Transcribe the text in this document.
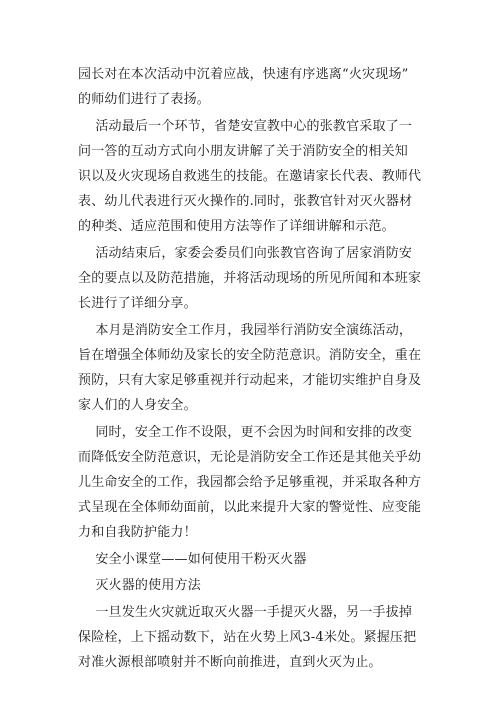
园长对在本次活动中沉着应战，快速有序逃离“火灾现场”
的师幼们进行了表扬。
活动最后一个环节，省楚安宣教中心的张教官采取了一
问一答的互动方式向小朋友讲解了关于消防安全的相关知
识以及火灾现场自救逃生的技能。在邀请家长代表、教师代
表、幼儿代表进行灭火操作的.同时，张教官针对灭火器材
的种类、适应范围和使用方法等作了详细讲解和示范。
活动结束后，家委会委员们向张教官咨询了居家消防安
全的要点以及防范措施，并将活动现场的所见所闻和本班家
长进行了详细分享。
本月是消防安全工作月，我园举行消防安全演练活动，
旨在增强全体师幼及家长的安全防范意识。消防安全，重在
预防，只有大家足够重视并行动起来，才能切实维护自身及
家人们的人身安全。
同时，安全工作不设限，更不会因为时间和安排的改变
而降低安全防范意识，无论是消防安全工作还是其他关乎幼
儿生命安全的工作，我园都会给予足够重视，并采取各种方
式呈现在全体师幼面前，以此来提升大家的警觉性、应变能
力和自我防护能力！
安全小课堂——如何使用干粉灭火器
灭火器的使用方法
一旦发生火灾就近取灭火器一手提灭火器，另一手拔掉
保险栓，上下摇动数下，站在火势上风3-4米处。紧握压把
对准火源根部喷射并不断向前推进，直到火灭为止。
